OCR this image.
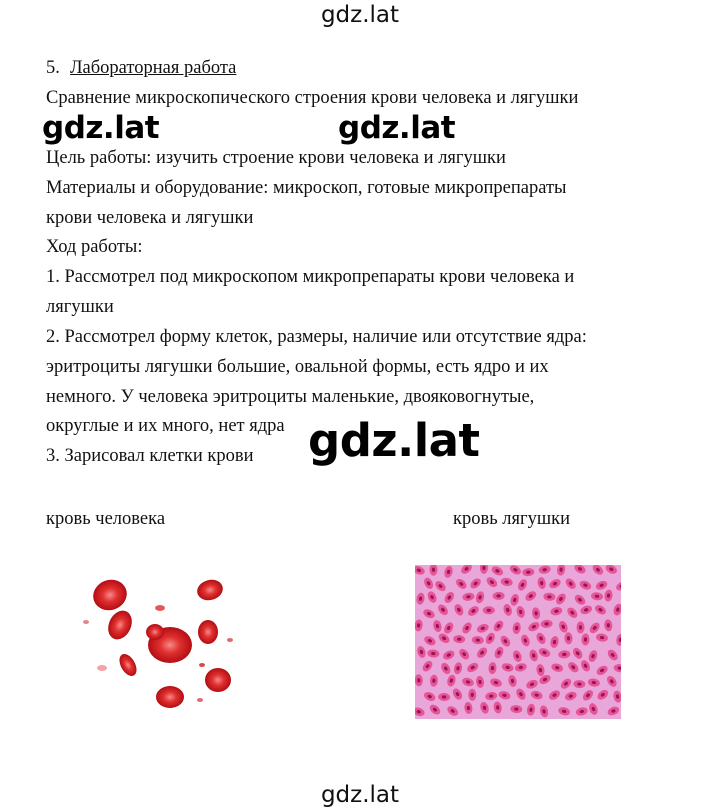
gdz.lat
5. Лабораторная работа
Сравнение микроскопического строения крови человека и лягушки
gdz.lat	gdz.lat
Цель работы: изучить строение крови человека и лягушки
Материалы и оборудование: микроскоп, готовые микропрепараты
крови человека и лягушки
Ход работы:
1. Рассмотрел под микроскопом микропрепараты крови человека и
лягушки
2. Рассмотрел форму клеток, размеры, наличие или отсутствие ядра:
эритроциты лягушки большие, овальной формы, есть ядро и их
немного. У человека эритроциты маленькие, двояковогнутые,
округлые и их много, нет ядра
3. Зарисовал клетки крови gdz.lat
кровь человека	кровь лягушки
gdz.lat
